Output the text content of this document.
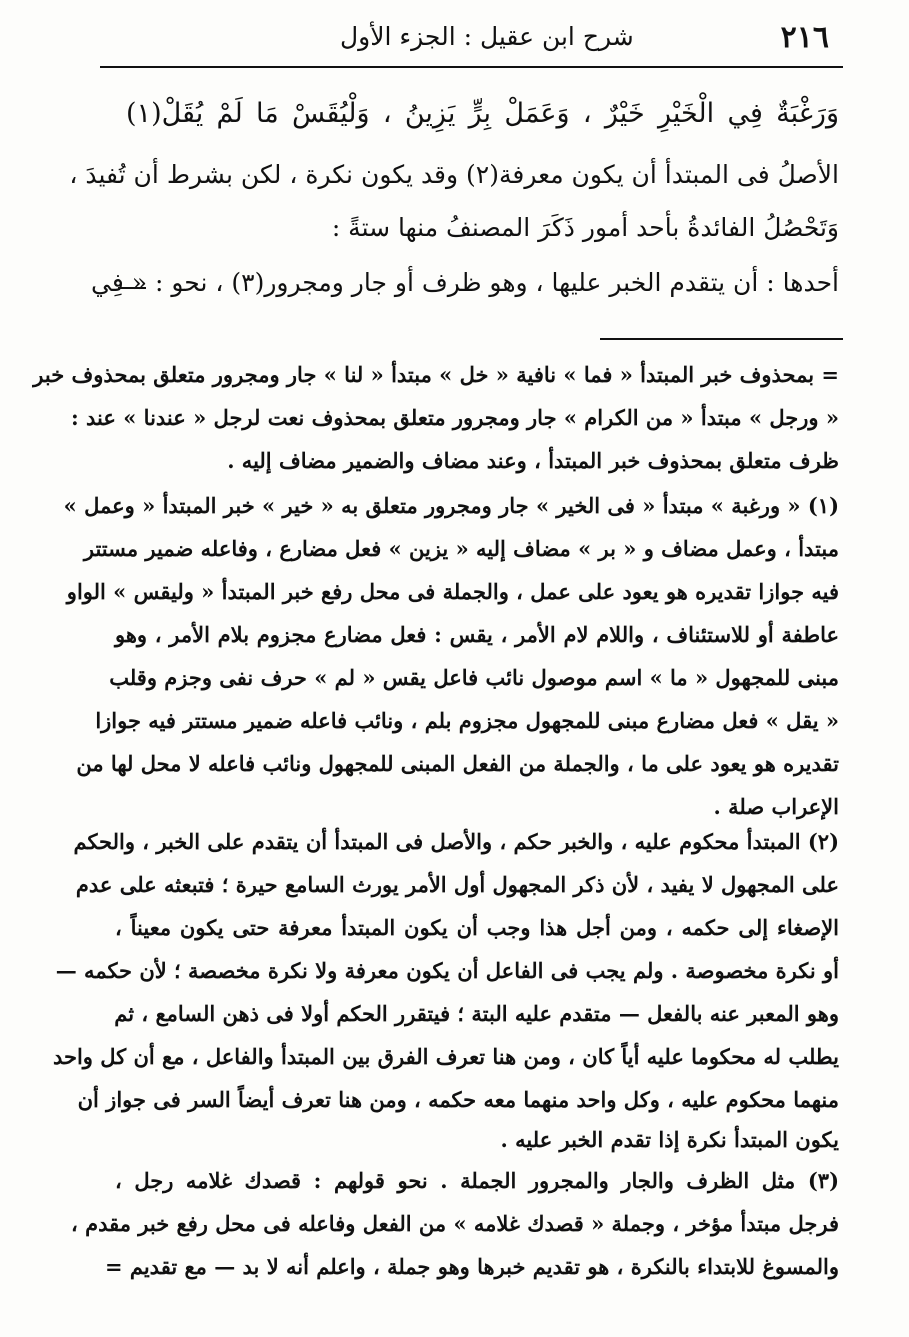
٢١٦
شرح ابن عقيل : الجزء الأول
وَرَغْبَةٌ فِي الْخَيْرِ خَيْرٌ ، وَعَمَلْ بِرٍّ يَزِينُ ، وَلْيُقَسْ مَا لَمْ يُقَلْ(١)
الأصلُ فى المبتدأ أن يكون معرفة(٢) وقد يكون نكرة ، لكن بشرط أن تُفيدَ ،
وَتَحْصُلُ الفائدةُ بأحد أمور ذَكَرَ المصنفُ منها ستةً :
أحدها : أن يتقدم الخبر عليها ، وهو ظرف أو جار ومجرور(٣) ، نحو : « فِي
= بمحذوف خبر المبتدأ « فما » نافية « خل » مبتدأ « لنا » جار ومجرور متعلق بمحذوف خبر
« ورجل » مبتدأ « من الكرام » جار ومجرور متعلق بمحذوف نعت لرجل « عندنا » عند :
ظرف متعلق بمحذوف خبر المبتدأ ، وعند مضاف والضمير مضاف إليه .
(١) « ورغبة » مبتدأ « فى الخير » جار ومجرور متعلق به « خير » خبر المبتدأ « وعمل »
مبتدأ ، وعمل مضاف و « بر » مضاف إليه « يزين » فعل مضارع ، وفاعله ضمير مستتر
فيه جوازا تقديره هو يعود على عمل ، والجملة فى محل رفع خبر المبتدأ « وليقس » الواو
عاطفة أو للاستئناف ، واللام لام الأمر ، يقس : فعل مضارع مجزوم بلام الأمر ، وهو
مبنى للمجهول « ما » اسم موصول نائب فاعل يقس « لم » حرف نفى وجزم وقلب
« يقل » فعل مضارع مبنى للمجهول مجزوم بلم ، ونائب فاعله ضمير مستتر فيه جوازا
تقديره هو يعود على ما ، والجملة من الفعل المبنى للمجهول ونائب فاعله لا محل لها من
الإعراب صلة .
(٢) المبتدأ محكوم عليه ، والخبر حكم ، والأصل فى المبتدأ أن يتقدم على الخبر ، والحكم
على المجهول لا يفيد ، لأن ذكر المجهول أول الأمر يورث السامع حيرة ؛ فتبعثه على عدم
الإصغاء إلى حكمه ، ومن أجل هذا وجب أن يكون المبتدأ معرفة حتى يكون معيناً ،
أو نكرة مخصوصة . ولم يجب فى الفاعل أن يكون معرفة ولا نكرة مخصصة ؛ لأن حكمه —
وهو المعبر عنه بالفعل — متقدم عليه البتة ؛ فيتقرر الحكم أولا فى ذهن السامع ، ثم
يطلب له محكوما عليه أياً كان ، ومن هنا تعرف الفرق بين المبتدأ والفاعل ، مع أن كل واحد
منهما محكوم عليه ، وكل واحد منهما معه حكمه ، ومن هنا تعرف أيضاً السر فى جواز أن
يكون المبتدأ نكرة إذا تقدم الخبر عليه .
(٣) مثل الظرف والجار والمجرور الجملة . نحو قولهم : قصدك غلامه رجل ،
فرجل مبتدأ مؤخر ، وجملة « قصدك غلامه » من الفعل وفاعله فى محل رفع خبر مقدم ،
والمسوغ للابتداء بالنكرة ، هو تقديم خبرها وهو جملة ، واعلم أنه لا بد — مع تقديم =
